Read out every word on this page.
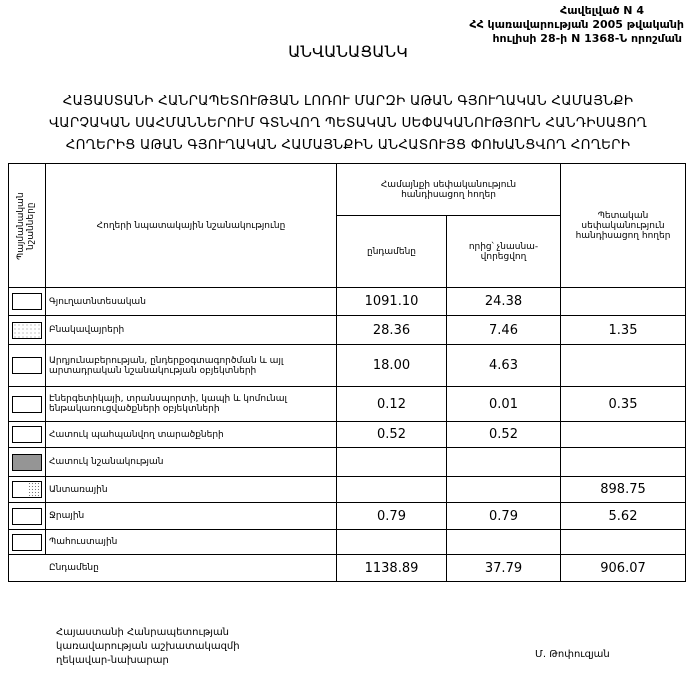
Հավելված N 4
ՀՀ կառավարության 2005 թվականի
հուլիսի 28-ի N 1368-Ն որոշման
ԱՆՎԱՆԱՑԱՆԿ
ՀԱՅԱՍՏԱՆԻ ՀԱՆՐԱՊԵՏՈՒԹՅԱՆ ԼՈՌՈՒ ՄԱՐԶԻ ԱԹԱՆ ԳՅՈՒՂԱԿԱՆ ՀԱՄԱՅՆՔԻ
ՎԱՐՉԱԿԱՆ ՍԱՀՄԱՆՆԵՐՈՒՄ ԳՏՆՎՈՂ ՊԵՏԱԿԱՆ ՍԵՓԱԿԱՆՈՒԹՅՈՒՆ ՀԱՆԴԻՍԱՑՈՂ
ՀՈՂԵՐԻՑ ԱԹԱՆ ԳՅՈՒՂԱԿԱՆ ՀԱՄԱՅՆՔԻՆ ԱՆՀԱՏՈՒՅՑ ՓՈԽԱՆՑՎՈՂ ՀՈՂԵՐԻ
Պայմանական նշանները	Հողերի նպատակային նշանակությունը	Համայնքի սեփականություն հանդիսացող հողեր		Պետական սեփականություն հանդիսացող հողեր
		ընդամենը	որից՝ չնասնա-վորեցվող	

	Գյուղատնտեսական	1091.10	24.38	

	Բնակավայրերի	28.36	7.46	1.35

	Արդյունաբերության, ընդերքօգտագործման և այլ արտադրական նշանակության օբյեկտների	18.00	4.63	

	Էներգետիկայի, տրանսպորտի, կապի և կոմունալ ենթակառուցվածքների օբյեկտների	0.12	0.01	0.35

	Հատուկ պահպանվող տարածքների	0.52	0.52	

	Հատուկ նշանակության			

	Անտառային			898.75

	Ջրային	0.79	0.79	5.62

	Պահուստային			
Ընդամենը		1138.89	37.79	906.07
Հայաստանի Հանրապետության
կառավարության աշխատակազմի
ղեկավար-նախարար
Մ. Թոփուզյան
